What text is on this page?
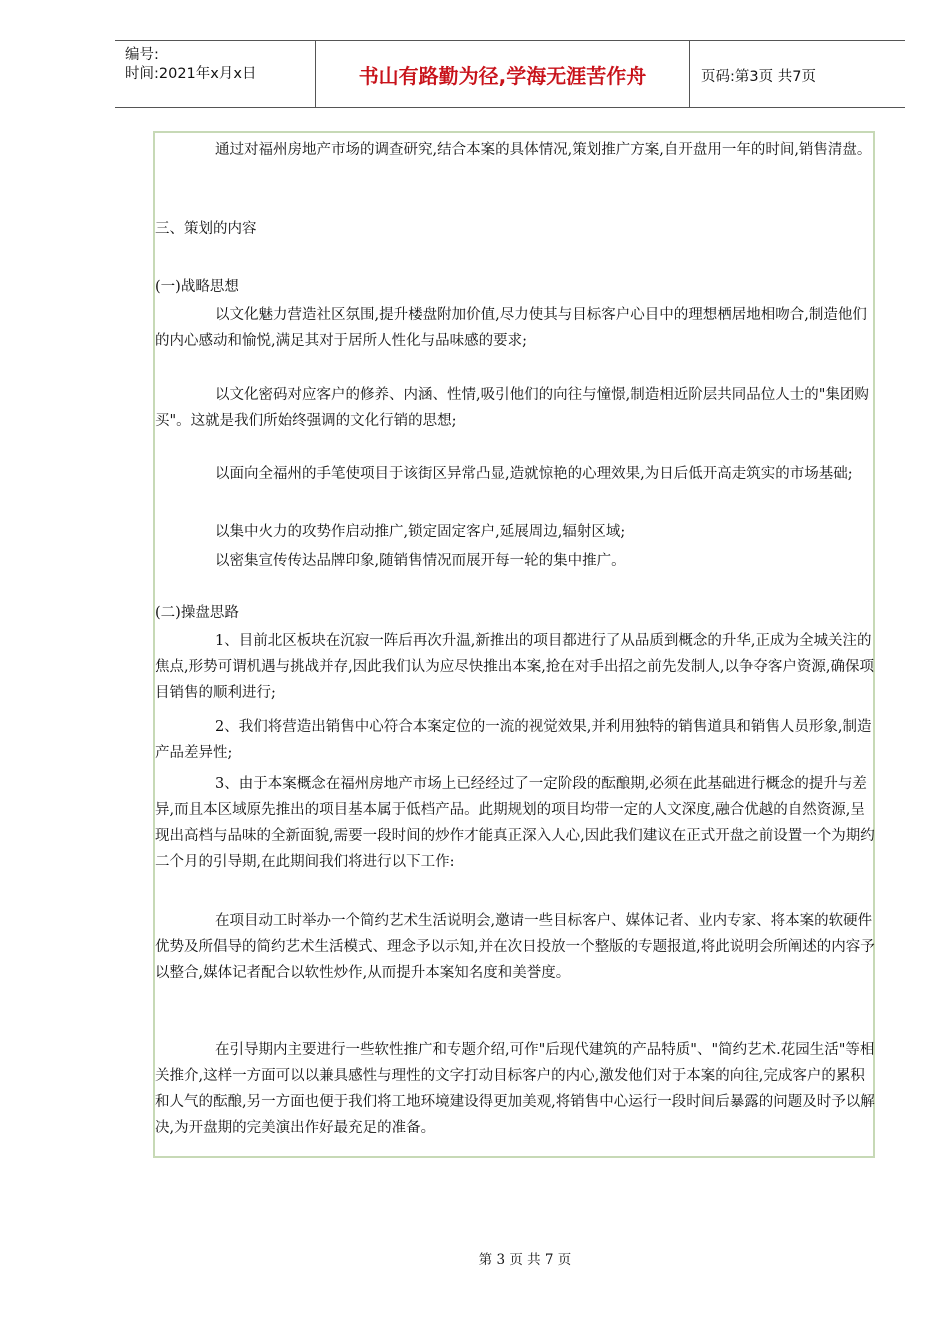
编号:
时间:2021年x月x日	书山有路勤为径,学海无涯苦作舟	页码:第3页 共7页

通过对福州房地产市场的调查研究,结合本案的具体情况,策划推广方案,自开盘用一年的时间,销售清盘。

三、策划的内容

(一)战略思想

以文化魅力营造社区氛围,提升楼盘附加价值,尽力使其与目标客户心目中的理想栖居地相吻合,制造他们的内心感动和愉悦,满足其对于居所人性化与品味感的要求;

以文化密码对应客户的修养、内涵、性情,吸引他们的向往与憧憬,制造相近阶层共同品位人士的"集团购买"。这就是我们所始终强调的文化行销的思想;

以面向全福州的手笔使项目于该街区异常凸显,造就惊艳的心理效果,为日后低开高走筑实的市场基础;

以集中火力的攻势作启动推广,锁定固定客户,延展周边,辐射区域;

以密集宣传传达品牌印象,随销售情况而展开每一轮的集中推广。

(二)操盘思路

1、目前北区板块在沉寂一阵后再次升温,新推出的项目都进行了从品质到概念的升华,正成为全城关注的焦点,形势可谓机遇与挑战并存,因此我们认为应尽快推出本案,抢在对手出招之前先发制人,以争夺客户资源,确保项目销售的顺利进行;

2、我们将营造出销售中心符合本案定位的一流的视觉效果,并利用独特的销售道具和销售人员形象,制造产品差异性;

3、由于本案概念在福州房地产市场上已经经过了一定阶段的酝酿期,必须在此基础进行概念的提升与差异,而且本区域原先推出的项目基本属于低档产品。此期规划的项目均带一定的人文深度,融合优越的自然资源,呈现出高档与品味的全新面貌,需要一段时间的炒作才能真正深入人心,因此我们建议在正式开盘之前设置一个为期约二个月的引导期,在此期间我们将进行以下工作:

在项目动工时举办一个简约艺术生活说明会,邀请一些目标客户、媒体记者、业内专家、将本案的软硬件优势及所倡导的简约艺术生活模式、理念予以示知,并在次日投放一个整版的专题报道,将此说明会所阐述的内容予以整合,媒体记者配合以软性炒作,从而提升本案知名度和美誉度。

在引导期内主要进行一些软性推广和专题介绍,可作"后现代建筑的产品特质"、"简约艺术.花园生活"等相关推介,这样一方面可以以兼具感性与理性的文字打动目标客户的内心,激发他们对于本案的向往,完成客户的累积和人气的酝酿,另一方面也便于我们将工地环境建设得更加美观,将销售中心运行一段时间后暴露的问题及时予以解决,为开盘期的完美演出作好最充足的准备。

第 3 页 共 7 页
